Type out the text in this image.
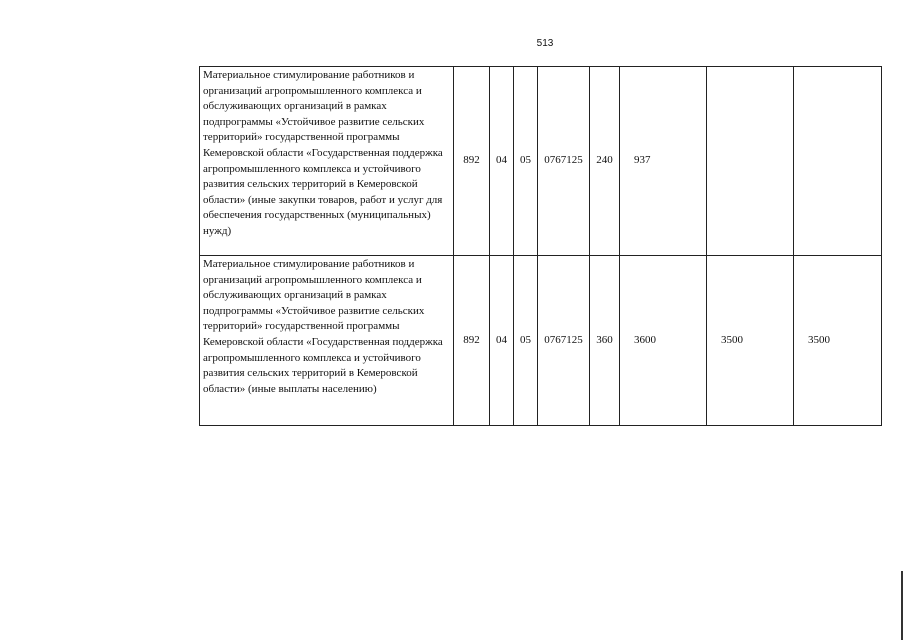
513
Материальное стимулирование работников и организаций агропромышленного комплекса и обслуживающих организаций в рамках подпрограммы «Устойчивое развитие сельских территорий» государственной программы Кемеровской области «Государственная поддержка агропромышленного комплекса и устойчивого развития сельских территорий в Кемеровской области» (иные закупки товаров, работ и услуг для обеспечения государственных (муниципальных) нужд)	892	04	05	0767125	240	937		
Материальное стимулирование работников и организаций агропромышленного комплекса и обслуживающих организаций в рамках подпрограммы «Устойчивое развитие сельских территорий» государственной программы Кемеровской области «Государственная поддержка агропромышленного комплекса и устойчивого развития сельских территорий в Кемеровской области» (иные выплаты населению)	892	04	05	0767125	360	3600	3500	3500
